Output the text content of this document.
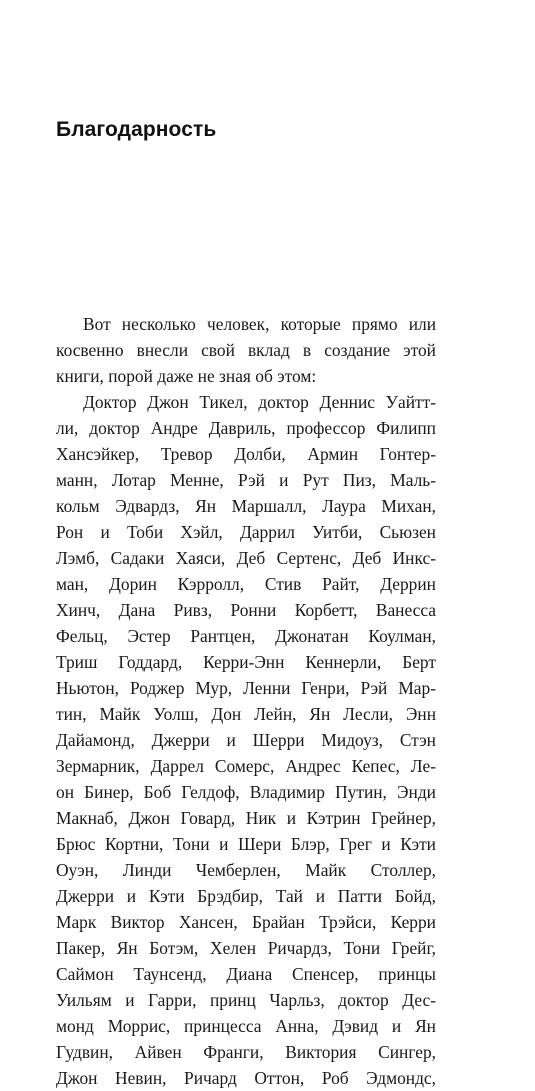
Благодарность
Вот несколько человек, которые прямо или
косвенно внесли свой вклад в создание этой
книги, порой даже не зная об этом:
Доктор Джон Тикел, доктор Деннис Уайтт-
ли, доктор Андре Давриль, профессор Филипп
Хансэйкер, Тревор Долби, Армин Гонтер-
манн, Лотар Менне, Рэй и Рут Пиз, Маль-
кольм Эдвардз, Ян Маршалл, Лаура Михан,
Рон и Тоби Хэйл, Даррил Уитби, Сьюзен
Лэмб, Садаки Хаяси, Деб Сертенс, Деб Инкс-
ман, Дорин Кэрролл, Стив Райт, Деррин
Хинч, Дана Ривз, Ронни Корбетт, Ванесса
Фельц, Эстер Рантцен, Джонатан Коулман,
Триш Годдард, Керри-Энн Кеннерли, Берт
Ньютон, Роджер Мур, Ленни Генри, Рэй Мар-
тин, Майк Уолш, Дон Лейн, Ян Лесли, Энн
Дайамонд, Джерри и Шерри Мидоуз, Стэн
Зермарник, Даррел Сомерс, Андрес Кепес, Ле-
он Бинер, Боб Гелдоф, Владимир Путин, Энди
Макнаб, Джон Говард, Ник и Кэтрин Грейнер,
Брюс Кортни, Тони и Шери Блэр, Грег и Кэти
Оуэн, Линди Чемберлен, Майк Столлер,
Джерри и Кэти Брэдбир, Тай и Патти Бойд,
Марк Виктор Хансен, Брайан Трэйси, Керри
Пакер, Ян Ботэм, Хелен Ричардз, Тони Грейг,
Саймон Таунсенд, Диана Спенсер, принцы
Уильям и Гарри, принц Чарльз, доктор Дес-
монд Моррис, принцесса Анна, Дэвид и Ян
Гудвин, Айвен Франги, Виктория Сингер,
Джон Невин, Ричард Оттон, Роб Эдмондс,
